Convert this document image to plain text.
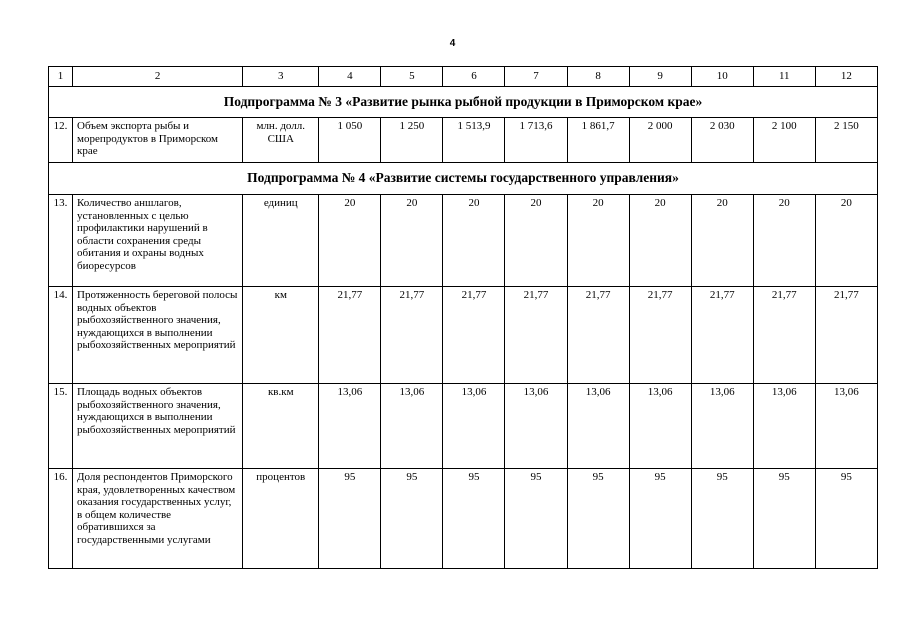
4
1	2	3	4	5	6	7	8	9	10	11	12
Подпрограмма № 3 «Развитие рынка рыбной продукции в Приморском крае»											
12.	Объем экспорта рыбы и морепродуктов в Приморском крае	млн. долл. США	1 050	1 250	1 513,9	1 713,6	1 861,7	2 000	2 030	2 100	2 150
Подпрограмма № 4 «Развитие системы государственного управления»											
13.	Количество аншлагов, установленных с целью профилактики нарушений в области сохранения среды обитания и охраны водных биоресурсов	единиц	20	20	20	20	20	20	20	20	20
14.	Протяженность береговой полосы водных объектов рыбохозяйственного значения, нуждающихся в выполнении рыбохозяйственных мероприятий	км	21,77	21,77	21,77	21,77	21,77	21,77	21,77	21,77	21,77
15.	Площадь водных объектов рыбохозяйственного значения, нуждающихся в выполнении рыбохозяйственных мероприятий	кв.км	13,06	13,06	13,06	13,06	13,06	13,06	13,06	13,06	13,06
16.	Доля респондентов Приморского края, удовлетворенных качеством оказания государственных услуг, в общем количестве обратившихся за государственными услугами	процентов	95	95	95	95	95	95	95	95	95
